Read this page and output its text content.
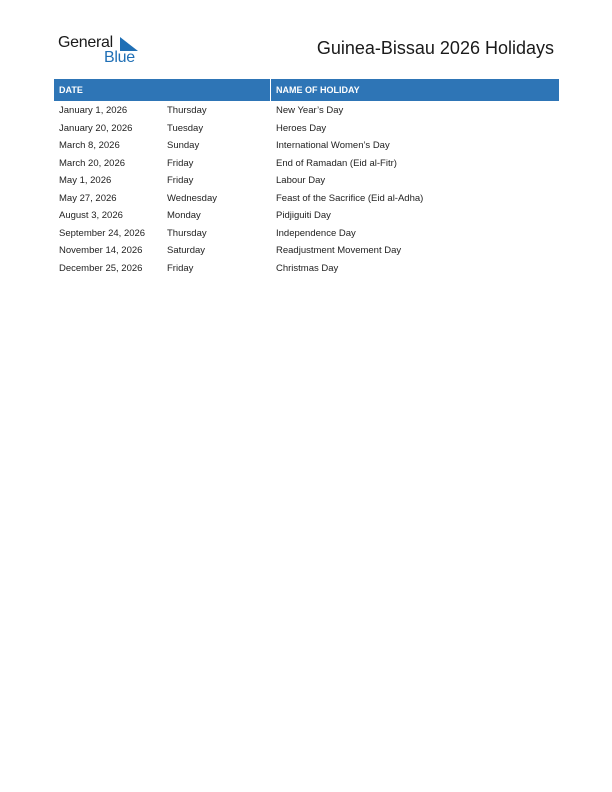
General
Blue	Guinea-Bissau 2026 Holidays
DATE	NAME OF HOLIDAY
January 1, 2026	Thursday	New Year’s Day
January 20, 2026	Tuesday	Heroes Day
March 8, 2026	Sunday	International Women’s Day
March 20, 2026	Friday	End of Ramadan (Eid al-Fitr)
May 1, 2026	Friday	Labour Day
May 27, 2026	Wednesday	Feast of the Sacrifice (Eid al-Adha)
August 3, 2026	Monday	Pidjiguiti Day
September 24, 2026	Thursday	Independence Day
November 14, 2026	Saturday	Readjustment Movement Day
December 25, 2026	Friday	Christmas Day
